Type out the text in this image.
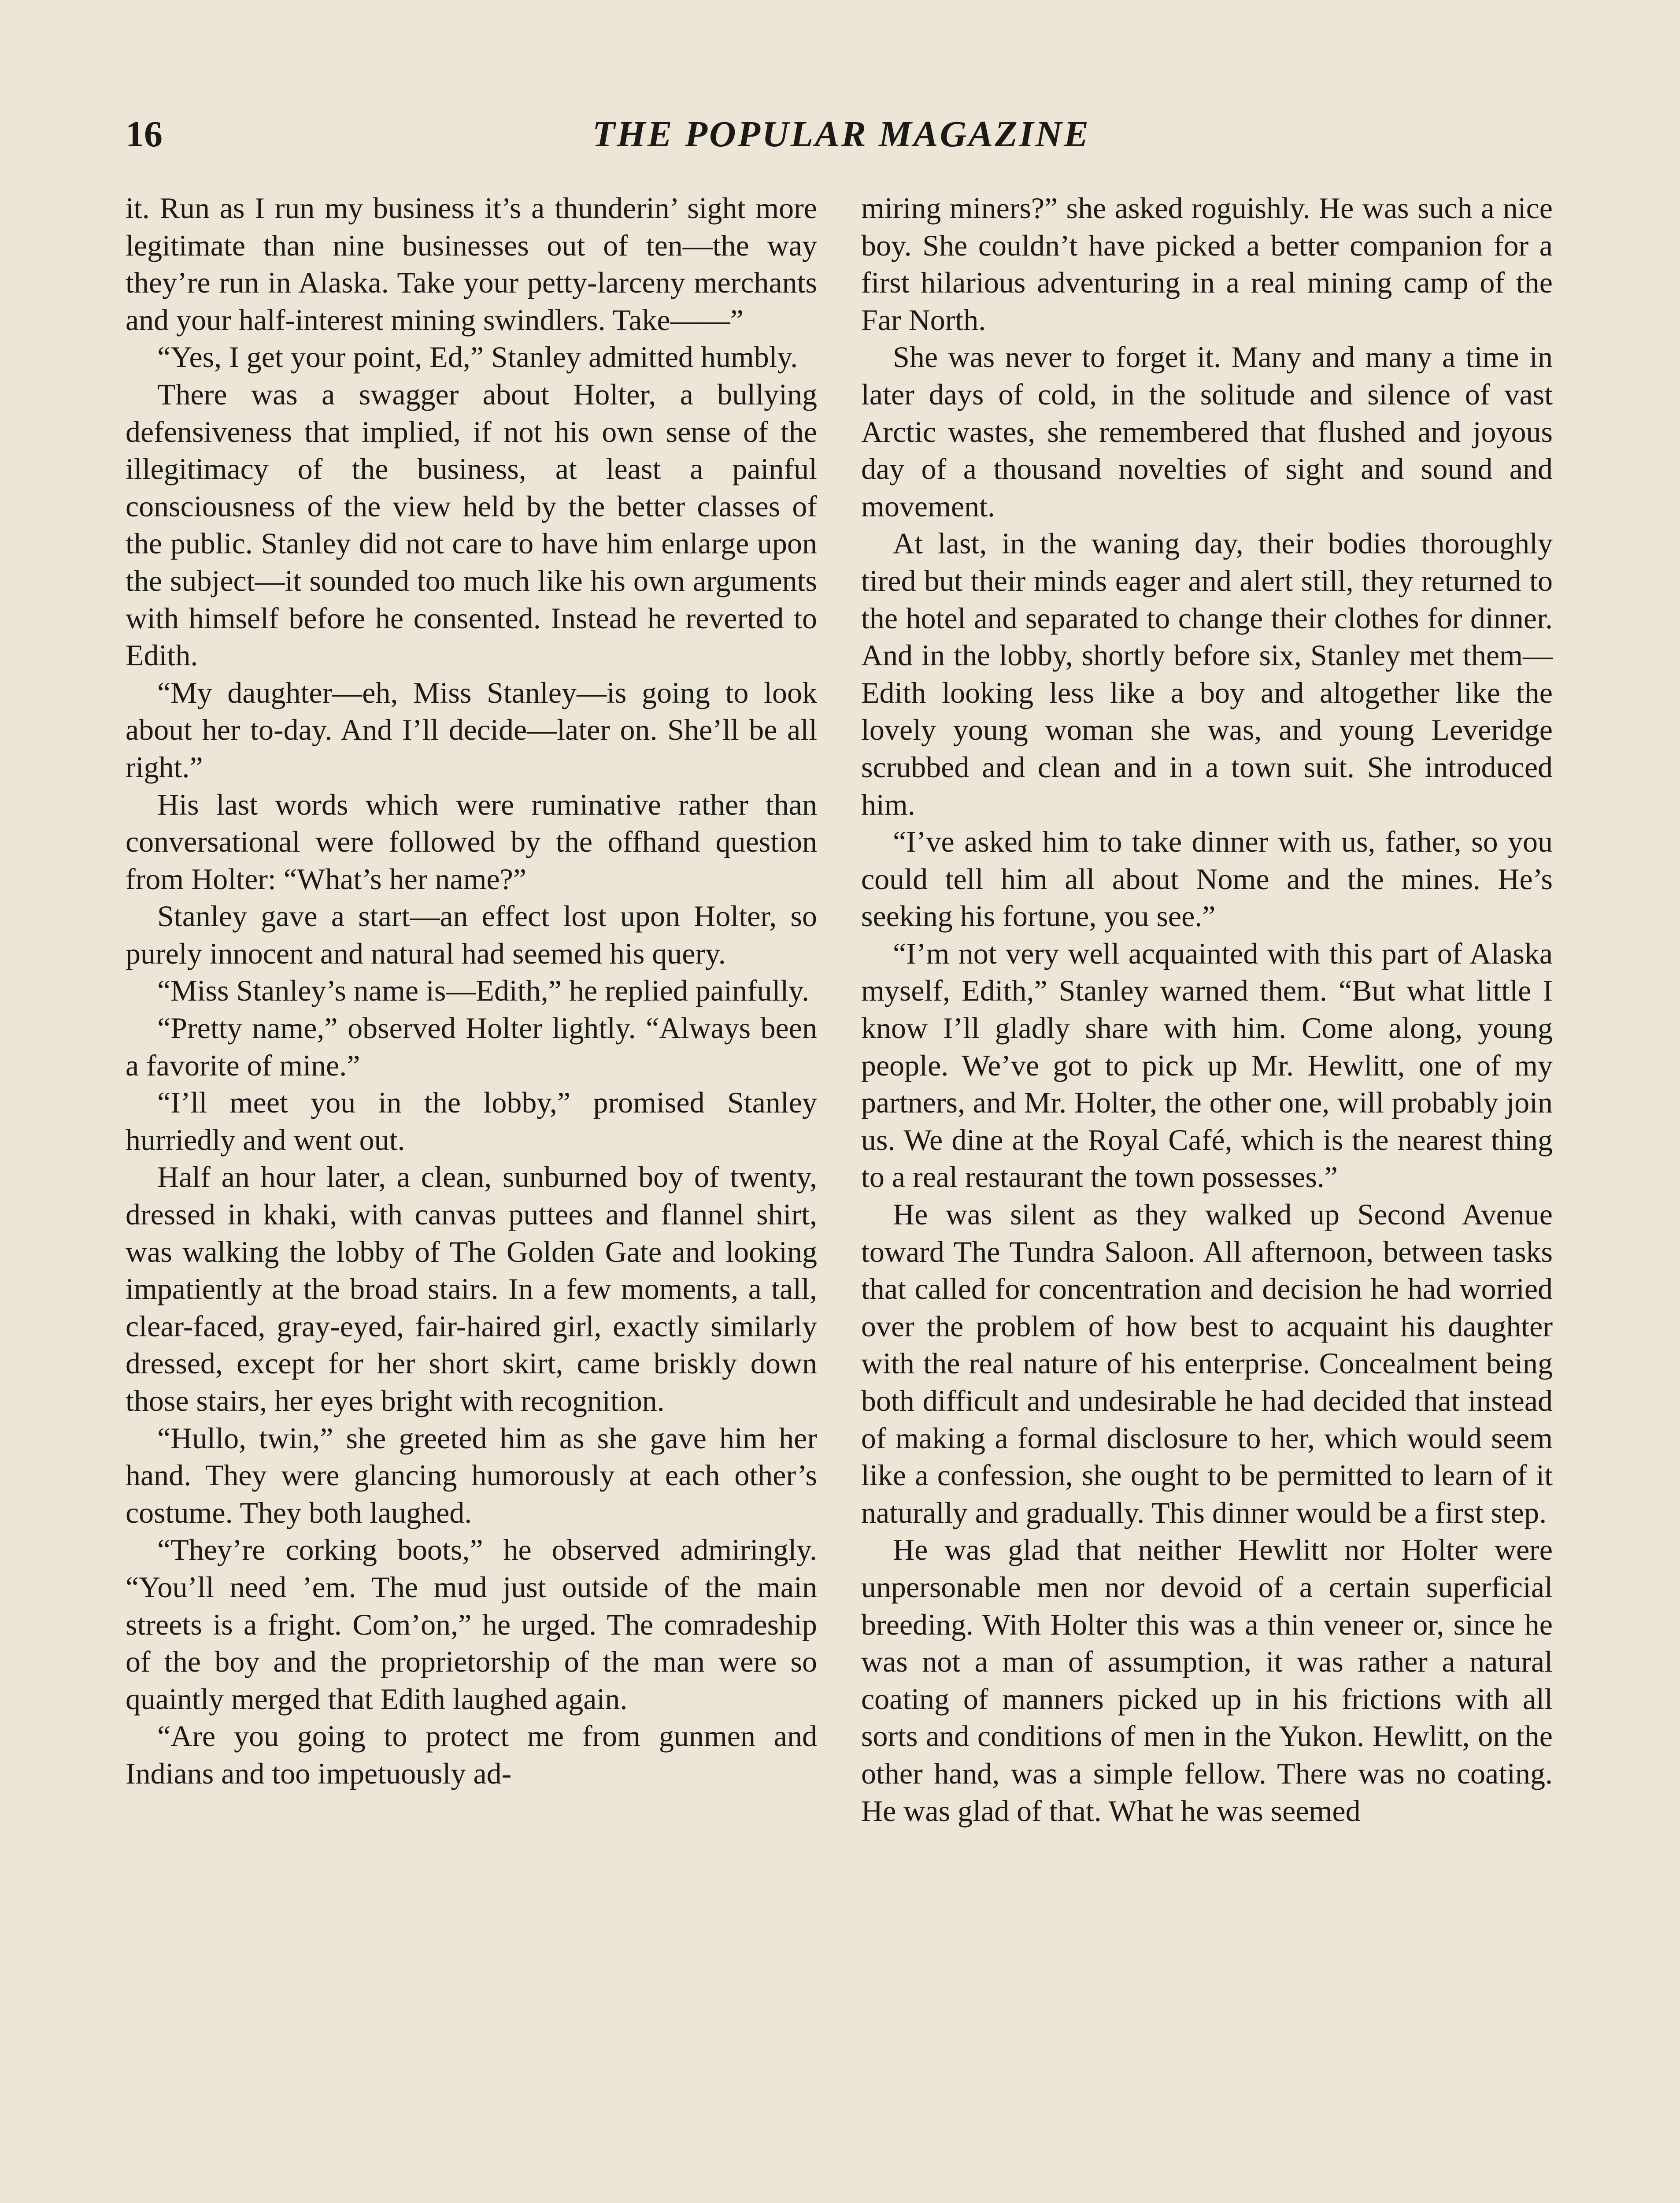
16	THE POPULAR MAGAZINE

it. Run as I run my business it’s a thunderin’ sight more legitimate than nine businesses out of ten—the way they’re run in Alaska. Take your petty-larceny merchants and your half-interest mining swindlers. Take——”

“Yes, I get your point, Ed,” Stanley admitted humbly.

There was a swagger about Holter, a bullying defensiveness that implied, if not his own sense of the illegitimacy of the business, at least a painful consciousness of the view held by the better classes of the public. Stanley did not care to have him enlarge upon the subject—it sounded too much like his own arguments with himself before he consented. Instead he reverted to Edith.

“My daughter—eh, Miss Stanley—is going to look about her to-day. And I’ll decide—later on. She’ll be all right.”

His last words which were ruminative rather than conversational were followed by the offhand question from Holter: “What’s her name?”

Stanley gave a start—an effect lost upon Holter, so purely innocent and natural had seemed his query.

“Miss Stanley’s name is—Edith,” he replied painfully.

“Pretty name,” observed Holter lightly. “Always been a favorite of mine.”

“I’ll meet you in the lobby,” promised Stanley hurriedly and went out.

Half an hour later, a clean, sunburned boy of twenty, dressed in khaki, with canvas puttees and flannel shirt, was walking the lobby of The Golden Gate and looking impatiently at the broad stairs. In a few moments, a tall, clear-faced, gray-eyed, fair-haired girl, exactly similarly dressed, except for her short skirt, came briskly down those stairs, her eyes bright with recognition.

“Hullo, twin,” she greeted him as she gave him her hand. They were glancing humorously at each other’s costume. They both laughed.

“They’re corking boots,” he observed admiringly. “You’ll need ’em. The mud just outside of the main streets is a fright. Com’on,” he urged. The comradeship of the boy and the proprietorship of the man were so quaintly merged that Edith laughed again.

“Are you going to protect me from gunmen and Indians and too impetuously ad-

miring miners?” she asked roguishly. He was such a nice boy. She couldn’t have picked a better companion for a first hilarious adventuring in a real mining camp of the Far North.

She was never to forget it. Many and many a time in later days of cold, in the solitude and silence of vast Arctic wastes, she remembered that flushed and joyous day of a thousand novelties of sight and sound and movement.

At last, in the waning day, their bodies thoroughly tired but their minds eager and alert still, they returned to the hotel and separated to change their clothes for dinner. And in the lobby, shortly before six, Stanley met them—Edith looking less like a boy and altogether like the lovely young woman she was, and young Leveridge scrubbed and clean and in a town suit. She introduced him.

“I’ve asked him to take dinner with us, father, so you could tell him all about Nome and the mines. He’s seeking his fortune, you see.”

“I’m not very well acquainted with this part of Alaska myself, Edith,” Stanley warned them. “But what little I know I’ll gladly share with him. Come along, young people. We’ve got to pick up Mr. Hewlitt, one of my partners, and Mr. Holter, the other one, will probably join us. We dine at the Royal Café, which is the nearest thing to a real restaurant the town possesses.”

He was silent as they walked up Second Avenue toward The Tundra Saloon. All afternoon, between tasks that called for concentration and decision he had worried over the problem of how best to acquaint his daughter with the real nature of his enterprise. Concealment being both difficult and undesirable he had decided that instead of making a formal disclosure to her, which would seem like a confession, she ought to be permitted to learn of it naturally and gradually. This dinner would be a first step.

He was glad that neither Hewlitt nor Holter were unpersonable men nor devoid of a certain superficial breeding. With Holter this was a thin veneer or, since he was not a man of assumption, it was rather a natural coating of manners picked up in his frictions with all sorts and conditions of men in the Yukon. Hewlitt, on the other hand, was a simple fellow. There was no coating. He was glad of that. What he was seemed
